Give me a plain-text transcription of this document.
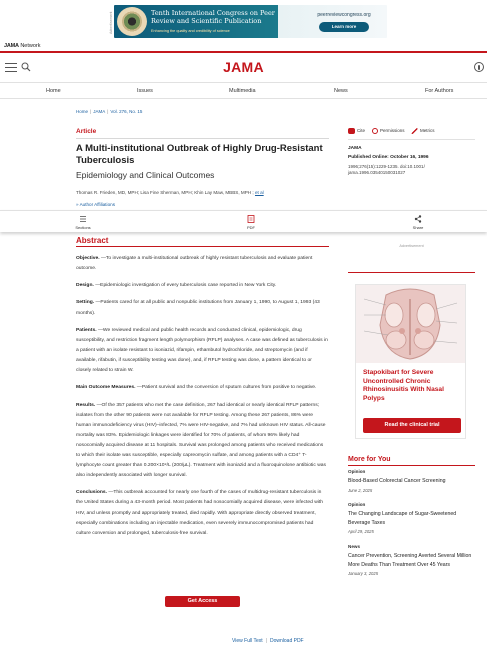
Advertisement	Tenth International Congress on Peer Review and Scientific Publication
Enhancing the quality and credibility of science
peerreviewcongress.org
Learn more
JAMA Network
JAMA
Home	Issues	Multimedia	News	For Authors
Home | JAMA | Vol. 276, No. 15
Article
A Multi-institutional Outbreak of Highly Drug-Resistant Tuberculosis
Epidemiology and Clinical Outcomes
Thomas R. Frieden, MD, MPH; Lisa Fine Sherman, MPH; Khin Lay Maw, MBBS, MPH ; et al
» Author Affiliations
Cite	Permissions	Metrics
JAMA
Published Online: October 16, 1996
1996;276(15):1229-1235. doi:10.1001/ jama.1996.03540150031027
Sections	PDF	Share
Abstract

Objective. —To investigate a multi-institutional outbreak of highly resistant tuberculosis and evaluate patient outcome.

Design. —Epidemiologic investigation of every tuberculosis case reported in New York City.

Setting. —Patients cared for at all public and nonpublic institutions from January 1, 1990, to August 1, 1993 (43 months).

Patients. —We reviewed medical and public health records and conducted clinical, epidemiologic, drug susceptibility, and restriction fragment length polymorphism (RFLP) analyses. A case was defined as tuberculosis in a patient with an isolate resistant to isoniazid, rifampin, ethambutol hydrochloride, and streptomycin (and if available, rifabutin, if susceptibility testing was done), and, if RFLP testing was done, a pattern identical to or closely related to strain W.

Main Outcome Measures. —Patient survival and the conversion of sputum cultures from positive to negative.

Results. —Of the 357 patients who met the case definition, 267 had identical or nearly identical RFLP patterns; isolates from the other 90 patients were not available for RFLP testing. Among these 267 patients, 86% were human immunodeficiency virus (HIV)–infected, 7% were HIV-negative, and 7% had unknown HIV status. All-cause mortality was 83%. Epidemiologic linkages were identified for 70% of patients, of whom 96% likely had nosocomially acquired disease at 11 hospitals. Survival was prolonged among patients who received medications to which their isolate was susceptible, especially capreomycin sulfate, and among patients with a CD4⁺ T-lymphocyte count greater than 0.200×10⁹/L (200/µL). Treatment with isoniazid and a fluoroquinolone antibiotic was also independently associated with longer survival.

Conclusions. —This outbreak accounted for nearly one fourth of the cases of multidrug-resistant tuberculosis in the United States during a 43-month period. Most patients had nosocomially acquired disease, were infected with HIV, and unless promptly and appropriately treated, died rapidly. With appropriate directly observed treatment, especially combinations including an injectable medication, even severely immunocompromised patients had culture conversion and prolonged, tuberculosis-free survival.

Get Access
View Full Text | Download PDF
Advertisement
Stapokibart for Severe Uncontrolled Chronic Rhinosinusitis With Nasal Polyps
Read the clinical trial
More for You
Opinion
Blood-Based Colorectal Cancer Screening
June 2, 2025
Opinion
The Changing Landscape of Sugar-Sweetened Beverage Taxes
April 29, 2025
News
Cancer Prevention, Screening Averted Several Million More Deaths Than Treatment Over 45 Years
January 3, 2025
